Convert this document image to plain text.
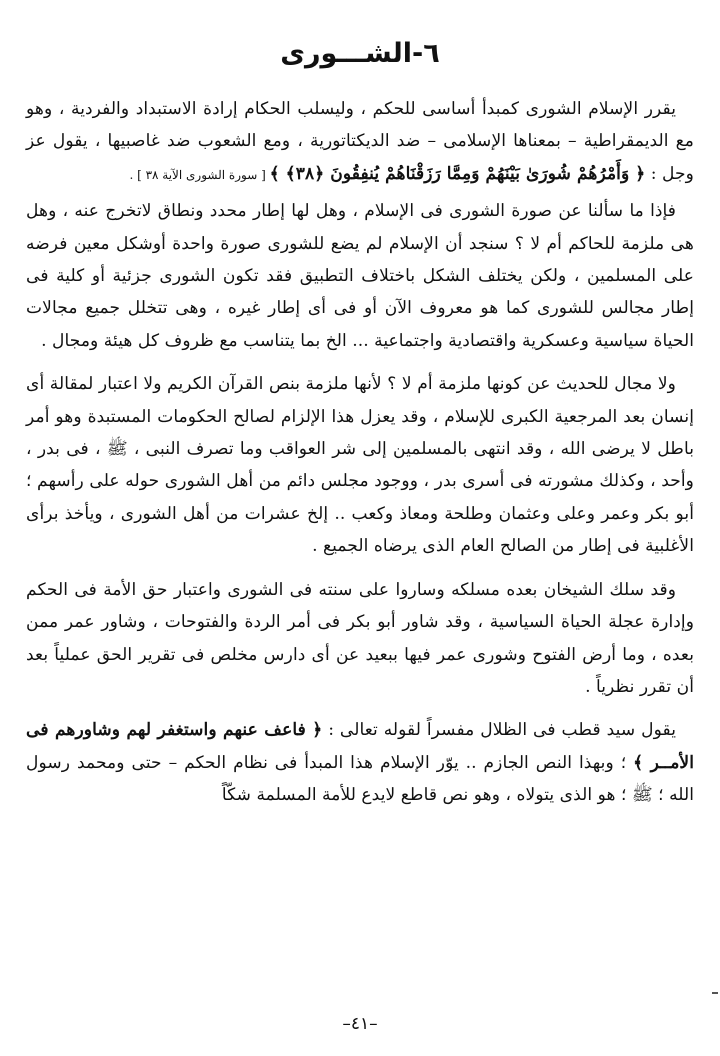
٦-الشـــورى

يقرر الإسلام الشورى كمبدأ أساسى للحكم ، وليسلب الحكام إرادة الاستبداد والفردية ، وهو مع الديمقراطية – بمعناها الإسلامى – ضد الديكتاتورية ، ومع الشعوب ضد غاصبيها ، يقول عز وجل : ﴿ وَأَمْرُهُمْ شُورَىٰ بَيْنَهُمْ وَمِمَّا رَزَقْنَاهُمْ يُنفِقُونَ ﴿٣٨﴾ ﴾ [ سورة الشورى الآية ٣٨ ] .

فإذا ما سألنا عن صورة الشورى فى الإسلام ، وهل لها إطار محدد ونطاق لاتخرج عنه ، وهل هى ملزمة للحاكم أم لا ؟ سنجد أن الإسلام لم يضع للشورى صورة واحدة أوشكل معين فرضه على المسلمين ، ولكن يختلف الشكل باختلاف التطبيق فقد تكون الشورى جزئية أو كلية فى إطار مجالس للشورى كما هو معروف الآن أو فى أى إطار غيره ، وهى تتخلل جميع مجالات الحياة سياسية وعسكرية واقتصادية واجتماعية ... الخ بما يتناسب مع ظروف كل هيئة ومجال .

ولا مجال للحديث عن كونها ملزمة أم لا ؟ لأنها ملزمة بنص القرآن الكريم ولا اعتبار لمقالة أى إنسان بعد المرجعية الكبرى للإسلام ، وقد يعزل هذا الإلزام لصالح الحكومات المستبدة وهو أمر باطل لا يرضى الله ، وقد انتهى بالمسلمين إلى شر العواقب وما تصرف النبى ، ﷺ ، فى بدر ، وأحد ، وكذلك مشورته فى أسرى بدر ، ووجود مجلس دائم من أهل الشورى حوله على رأسهم ؛ أبو بكر وعمر وعلى وعثمان وطلحة ومعاذ وكعب .. إلخ عشرات من أهل الشورى ، ويأخذ برأى الأغلبية فى إطار من الصالح العام الذى يرضاه الجميع .

وقد سلك الشيخان بعده مسلكه وساروا على سنته فى الشورى واعتبار حق الأمة فى الحكم وإدارة عجلة الحياة السياسية ، وقد شاور أبو بكر فى أمر الردة والفتوحات ، وشاور عمر ممن بعده ، وما أرض الفتوح وشورى عمر فيها ببعيد عن أى دارس مخلص فى تقرير الحق عملياً بعد أن تقرر نظرياً .

يقول سيد قطب فى الظلال مفسراً لقوله تعالى : ﴿ فاعف عنهم واستغفر لهم وشاورهم فى الأمــر ﴾ ؛ وبهذا النص الجازم .. يوّر الإسلام هذا المبدأ فى نظام الحكم – حتى ومحمد رسول الله ؛ ﷺ ؛ هو الذى يتولاه ، وهو نص قاطع لايدع للأمة المسلمة شكّاً

–٤١–
